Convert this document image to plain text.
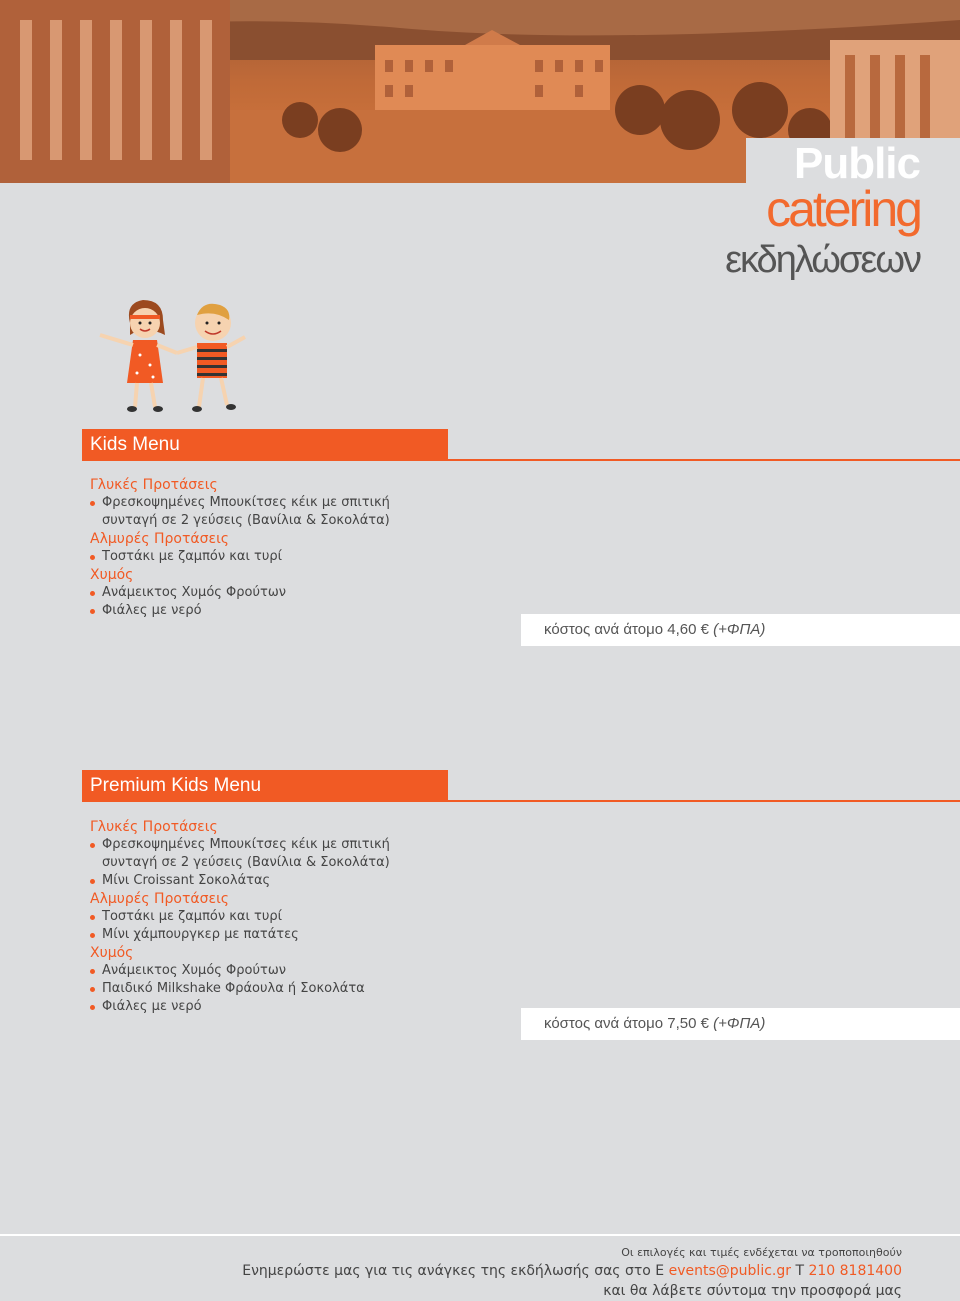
Public
catering
εκδηλώσεων
Kids Menu
Γλυκές Προτάσεις
Φρεσκοψημένες Μπουκίτσες κέικ με σπιτική
συνταγή σε 2 γεύσεις (Βανίλια & Σοκολάτα)
Αλμυρές Προτάσεις
Τοστάκι με ζαμπόν και τυρί
Χυμός
Ανάμεικτος Χυμός Φρούτων
Φιάλες με νερό
κόστος ανά άτομο 4,60 € (+ΦΠΑ)
Premium Kids Menu
Γλυκές Προτάσεις
Φρεσκοψημένες Μπουκίτσες κέικ με σπιτική
συνταγή σε 2 γεύσεις (Βανίλια & Σοκολάτα)
Μίνι Croissant Σοκολάτας
Αλμυρές Προτάσεις
Τοστάκι με ζαμπόν και τυρί
Μίνι χάμπουργκερ με πατάτες
Χυμός
Ανάμεικτος Χυμός Φρούτων
Παιδικό Milkshake Φράουλα ή Σοκολάτα
Φιάλες με νερό
κόστος ανά άτομο 7,50 € (+ΦΠΑ)
Οι επιλογές και τιμές ενδέχεται να τροποποιηθούν
Ενημερώστε μας για τις ανάγκες της εκδήλωσής σας στο E events@public.gr T 210 8181400
και θα λάβετε σύντομα την προσφορά μας
